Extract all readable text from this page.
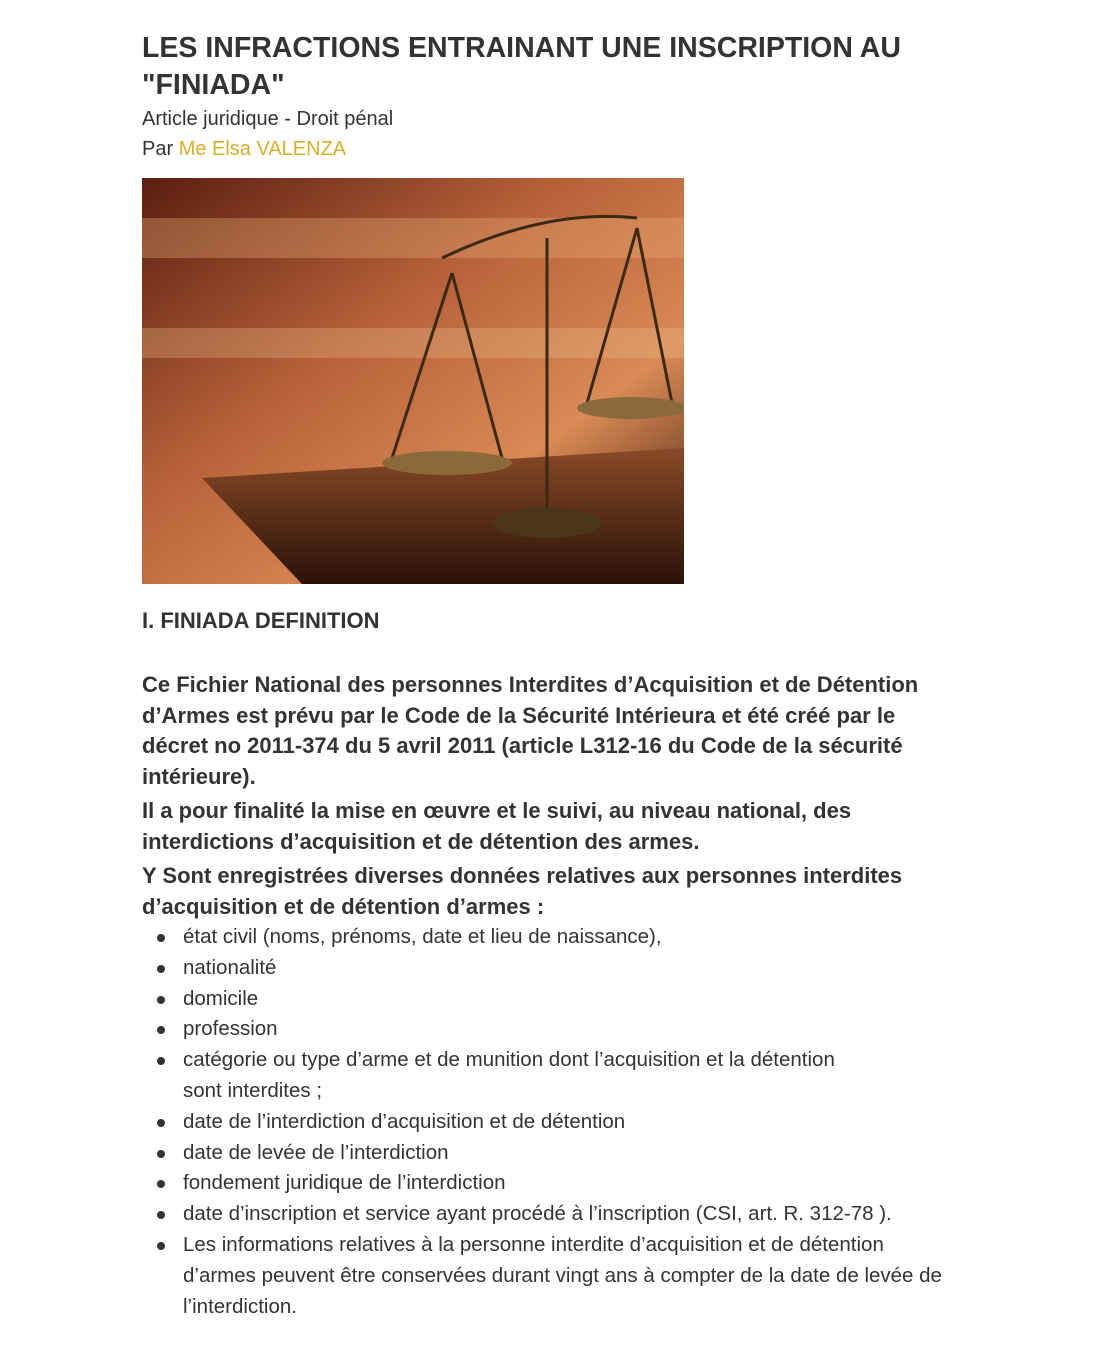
LES INFRACTIONS ENTRAINANT UNE INSCRIPTION AU "FINIADA"
Article juridique - Droit pénal
Par Me Elsa VALENZA
I. FINIADA DEFINITION

Ce Fichier National des personnes Interdites d’Acquisition et de Détention d’Armes est prévu par le Code de la Sécurité Intérieura et été créé par le décret no 2011-374 du 5 avril 2011 (article L312-16 du Code de la sécurité intérieure).

Il a pour finalité la mise en œuvre et le suivi, au niveau national, des interdictions d’acquisition et de détention des armes.

Y Sont enregistrées diverses données relatives aux personnes interdites d’acquisition et de détention d’armes :

état civil (noms, prénoms, date et lieu de naissance),
nationalité
domicile
profession
catégorie ou type d’arme et de munition dont l’acquisition et la détention sont interdites ;
date de l’interdiction d’acquisition et de détention
date de levée de l’interdiction
fondement juridique de l’interdiction
date d’inscription et service ayant procédé à l’inscription (CSI, art. R. 312-78 ).
Les informations relatives à la personne interdite d’acquisition et de détention d’armes peuvent être conservées durant vingt ans à compter de la date de levée de l’interdiction.
